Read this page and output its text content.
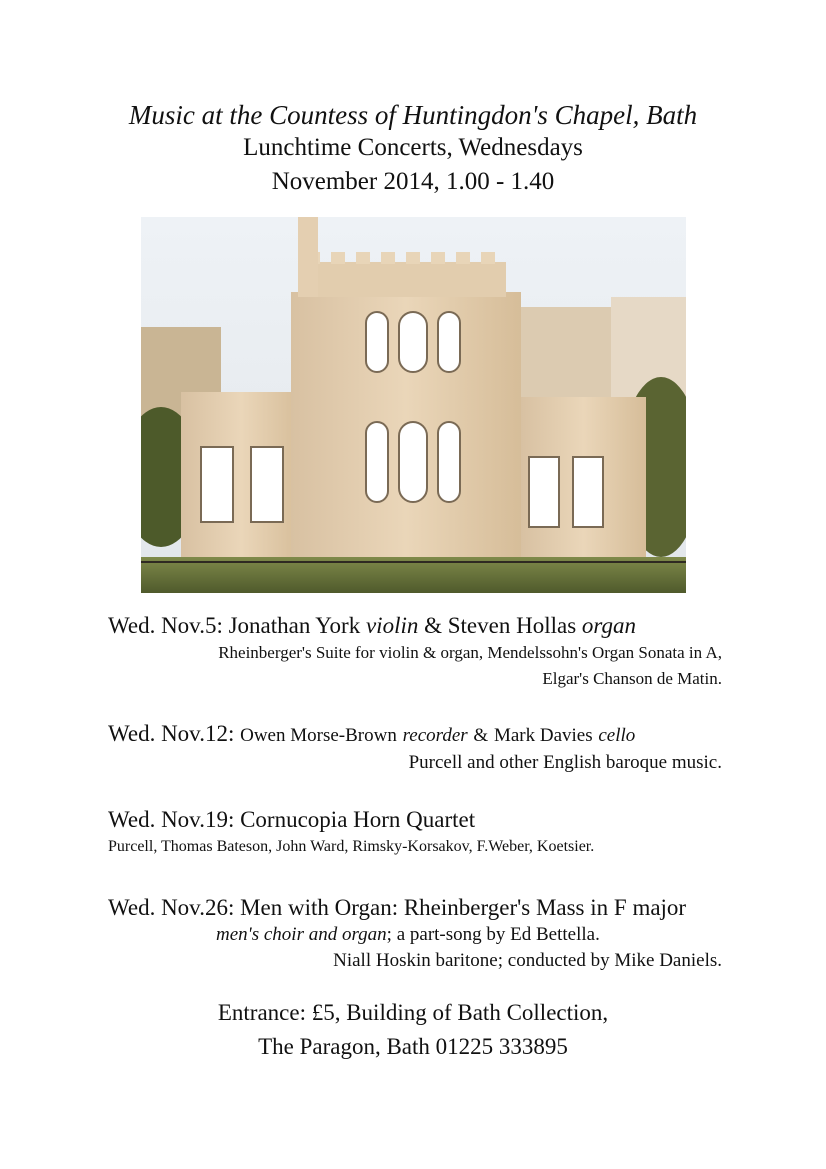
Music at the Countess of Huntingdon's Chapel, Bath
Lunchtime Concerts, Wednesdays
November 2014, 1.00 - 1.40
Wed. Nov.5: Jonathan York violin & Steven Hollas organ
Rheinberger's Suite for violin & organ, Mendelssohn's Organ Sonata in A,
Elgar's Chanson de Matin.
Wed. Nov.12: Owen Morse-Brown recorder & Mark Davies cello
Purcell and other English baroque music.
Wed. Nov.19: Cornucopia Horn Quartet
Purcell, Thomas Bateson, John Ward, Rimsky-Korsakov, F.Weber, Koetsier.
Wed. Nov.26: Men with Organ: Rheinberger's Mass in F major
men's choir and organ; a part-song by Ed Bettella.
Niall Hoskin baritone; conducted by Mike Daniels.
Entrance: £5, Building of Bath Collection,
The Paragon, Bath 01225 333895
